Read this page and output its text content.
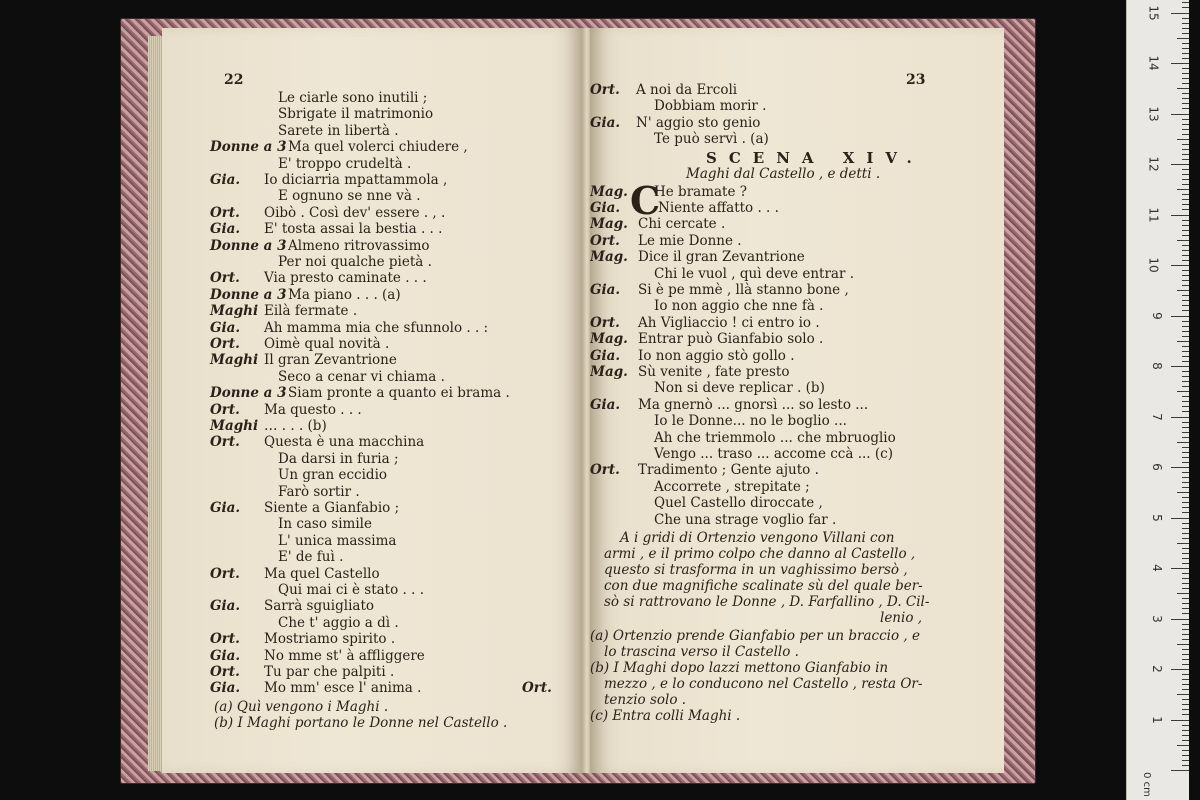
22
Le ciarle sono inutili ;
Sbrigate il matrimonio
Sarete in libertà .
Donne a 3 Ma quel volerci chiudere ,
E' troppo crudeltà .
Gia. Io diciarria mpattammola ,
E ognuno se nne và .
Ort. Oibò . Così dev' essere . , .
Gia. E' tosta assai la bestia . . .
Donne a 3 Almeno ritrovassimo
Per noi qualche pietà .
Ort. Via presto caminate . . .
Donne a 3 Ma piano . . . (a)
Maghi Eilà fermate .
Gia. Ah mamma mia che sfunnolo . . :
Ort. Oimè qual novità .
Maghi Il gran Zevantrione
Seco a cenar vi chiama .
Donne a 3 Siam pronte a quanto ei brama .
Ort. Ma questo . . .
Maghi … . . . (b)
Ort. Questa è una macchina
Da darsi in furia ;
Un gran eccidio
Farò sortir .
Gia. Siente a Gianfabio ;
In caso simile
L' unica massima
E' de fuì .
Ort. Ma quel Castello
Qui mai ci è stato . . .
Gia. Sarrà sguigliato
Che t' aggio a dì .
Ort. Mostriamo spirito .
Gia. No mme st' à affliggere
Ort. Tu par che palpiti .
Gia. Mo mm' esce l' anima .	Ort.
(a) Quì vengono i Maghi .
(b) I Maghi portano le Donne nel Castello .
23
Ort. A noi da Ercoli
Dobbiam morir .
Gia. N' aggio sto genio
Te può servì . (a)
SCENA XIV.
Maghi dal Castello , e detti .
C
Mag. He bramate ?
Gia.	Niente affatto . . .
Mag. Chi cercate .
Ort. Le mie Donne .
Mag. Dice il gran Zevantrione
Chi le vuol , quì deve entrar .
Gia. Si è pe mmè , llà stanno bone ,
Io non aggio che nne fà .
Ort. Ah Vigliaccio ! ci entro io .
Mag. Entrar può Gianfabio solo .
Gia. Io non aggio stò gollo .
Mag. Sù venite , fate presto
Non si deve replicar . (b)
Gia. Ma gnernò ... gnorsì ... so lesto ...
Io le Donne... no le boglio ...
Ah che triemmolo ... che mbruoglio
Vengo ... traso ... accome ccà ... (c)
Ort. Tradimento ; Gente ajuto .
Accorrete , strepitate ;
Quel Castello diroccate ,
Che una strage voglio far .
A i gridi di Ortenzio vengono Villani con
armi , e il primo colpo che danno al Castello ,
questo si trasforma in un vaghissimo bersò ,
con due magnifiche scalinate sù del quale ber-
sò si rattrovano le Donne , D. Farfallino , D. Cil-
lenio ,
(a) Ortenzio prende Gianfabio per un braccio , e
lo trascina verso il Castello .
(b) I Maghi dopo lazzi mettono Gianfabio in
mezzo , e lo conducono nel Castello , resta Or-
tenzio solo .
(c) Entra colli Maghi .
0 cm
1
2
3
4
5
6
7
8
9
10
11
12
13
14
15
